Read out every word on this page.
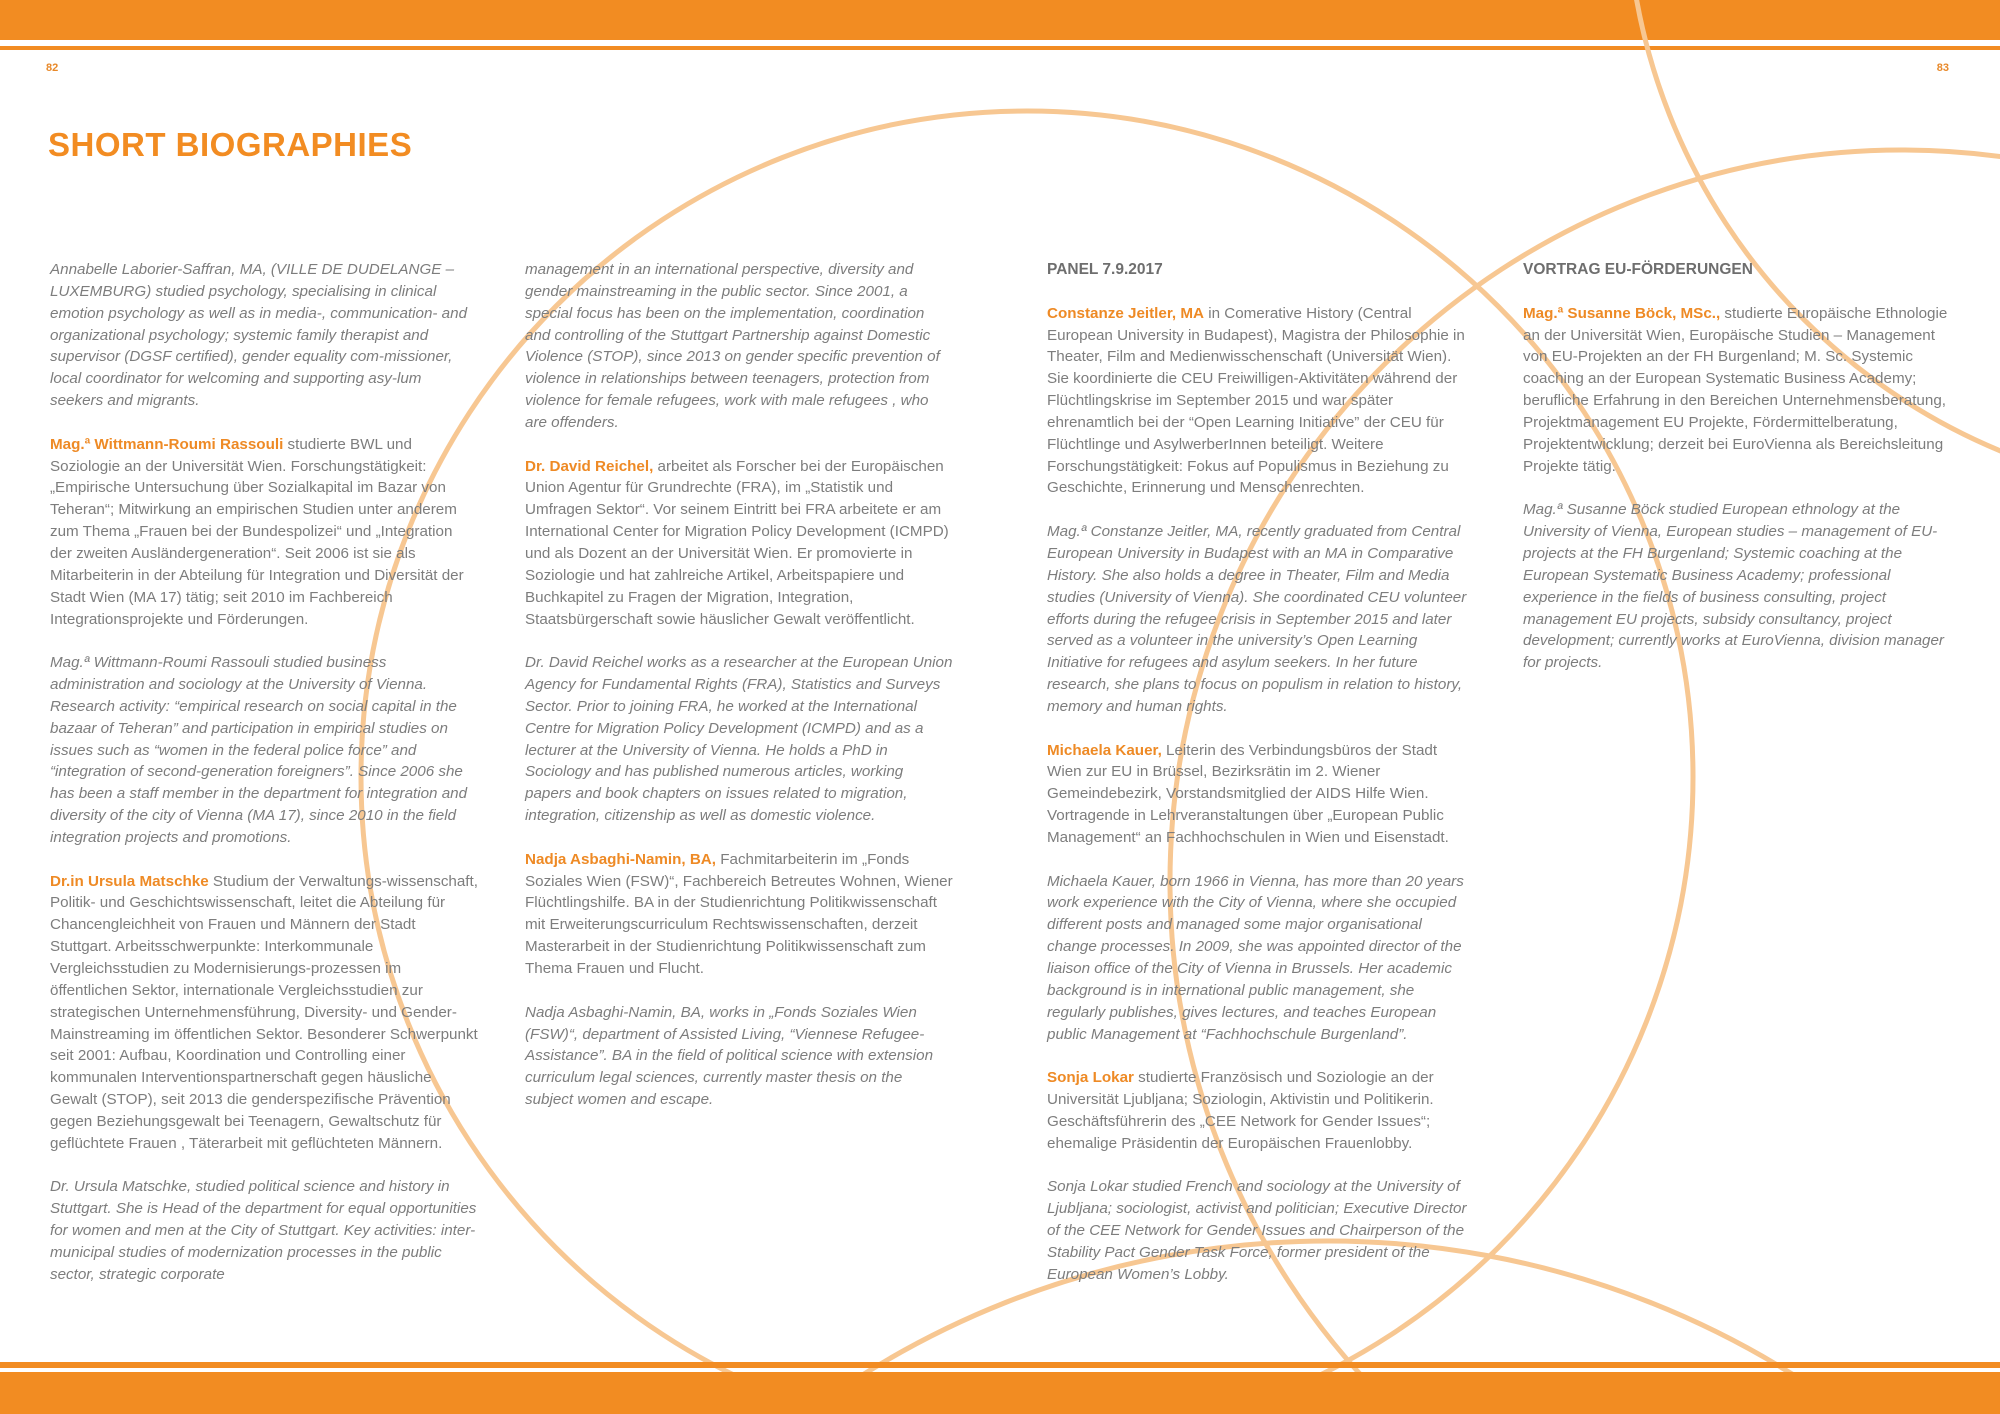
82	83
SHORT BIOGRAPHIES

Annabelle Laborier-Saffran, MA, (VILLE DE DUDELANGE – LUXEMBURG) studied psychology, specialising in clinical emotion psychology as well as in media-, communication- and organizational psychology; systemic family therapist and supervisor (DGSF certified), gender equality com-missioner, local coordinator for welcoming and supporting asy-lum seekers and migrants.

Mag.ª Wittmann-Roumi Rassouli studierte BWL und Soziologie an der Universität Wien. Forschungstätigkeit: „Empirische Untersuchung über Sozialkapital im Bazar von Teheran“; Mitwirkung an empirischen Studien unter anderem zum Thema „Frauen bei der Bundespolizei“ und „Integration der zweiten Ausländergeneration“. Seit 2006 ist sie als Mitarbeiterin in der Abteilung für Integration und Diversität der Stadt Wien (MA 17) tätig; seit 2010 im Fachbereich Integrationsprojekte und Förderungen.

Mag.ª Wittmann-Roumi Rassouli studied business administration and sociology at the University of Vienna. Research activity: “empirical research on social capital in the bazaar of Teheran” and participation in empirical studies on issues such as “women in the federal police force” and “integration of second-generation foreigners”. Since 2006 she has been a staff member in the department for integration and diversity of the city of Vienna (MA 17), since 2010 in the field integration projects and promotions.

Dr.in Ursula Matschke Studium der Verwaltungs-wissenschaft, Politik- und Geschichtswissenschaft, leitet die Abteilung für Chancengleichheit von Frauen und Männern der Stadt Stuttgart. Arbeitsschwerpunkte: Interkommunale Vergleichsstudien zu Modernisierungs-prozessen im öffentlichen Sektor, internationale Vergleichsstudien zur strategischen Unternehmensführung, Diversity- und Gender-Mainstreaming im öffentlichen Sektor. Besonderer Schwerpunkt seit 2001: Aufbau, Koordination und Controlling einer kommunalen Interventionspartnerschaft gegen häusliche Gewalt (STOP), seit 2013 die genderspezifische Prävention gegen Beziehungsgewalt bei Teenagern, Gewaltschutz für geflüchtete Frauen , Täterarbeit mit geflüchteten Männern.

Dr. Ursula Matschke, studied political science and history in Stuttgart. She is Head of the department for equal opportunities for women and men at the City of Stuttgart. Key activities: inter-municipal studies of modernization processes in the public sector, strategic corporate

management in an international perspective, diversity and gender mainstreaming in the public sector. Since 2001, a special focus has been on the implementation, coordination and controlling of the Stuttgart Partnership against Domestic Violence (STOP), since 2013 on gender specific prevention of violence in relationships between teenagers, protection from violence for female refugees, work with male refugees , who are offenders.

Dr. David Reichel, arbeitet als Forscher bei der Europäischen Union Agentur für Grundrechte (FRA), im „Statistik und Umfragen Sektor“. Vor seinem Eintritt bei FRA arbeitete er am International Center for Migration Policy Development (ICMPD) und als Dozent an der Universität Wien. Er promovierte in Soziologie und hat zahlreiche Artikel, Arbeitspapiere und Buchkapitel zu Fragen der Migration, Integration, Staatsbürgerschaft sowie häuslicher Gewalt veröffentlicht.

Dr. David Reichel works as a researcher at the European Union Agency for Fundamental Rights (FRA), Statistics and Surveys Sector. Prior to joining FRA, he worked at the International Centre for Migration Policy Development (ICMPD) and as a lecturer at the University of Vienna. He holds a PhD in Sociology and has published numerous articles, working papers and book chapters on issues related to migration, integration, citizenship as well as domestic violence.

Nadja Asbaghi-Namin, BA, Fachmitarbeiterin im „Fonds Soziales Wien (FSW)“, Fachbereich Betreutes Wohnen, Wiener Flüchtlingshilfe. BA in der Studienrichtung Politikwissenschaft mit Erweiterungscurriculum Rechtswissenschaften, derzeit Masterarbeit in der Studienrichtung Politikwissenschaft zum Thema Frauen und Flucht.

Nadja Asbaghi-Namin, BA, works in „Fonds Soziales Wien (FSW)“, department of Assisted Living, “Viennese Refugee-Assistance”. BA in the field of political science with extension curriculum legal sciences, currently master thesis on the subject women and escape.

PANEL 7.9.2017

Constanze Jeitler, MA in Comerative History (Central European University in Budapest), Magistra der Philosophie in Theater, Film and Medienwisschenschaft (Universität Wien). Sie koordinierte die CEU Freiwilligen-Aktivitäten während der Flüchtlingskrise im September 2015 und war später ehrenamtlich bei der “Open Learning Initiative” der CEU für Flüchtlinge und AsylwerberInnen beteiligt. Weitere Forschungstätigkeit: Fokus auf Populismus in Beziehung zu Geschichte, Erinnerung und Menschenrechten.

Mag.ª Constanze Jeitler, MA, recently graduated from Central European University in Budapest with an MA in Comparative History. She also holds a degree in Theater, Film and Media studies (University of Vienna). She coordinated CEU volunteer efforts during the refugee crisis in September 2015 and later served as a volunteer in the university’s Open Learning Initiative for refugees and asylum seekers. In her future research, she plans to focus on populism in relation to history, memory and human rights.

Michaela Kauer, Leiterin des Verbindungsbüros der Stadt Wien zur EU in Brüssel, Bezirksrätin im 2. Wiener Gemeindebezirk, Vorstandsmitglied der AIDS Hilfe Wien. Vortragende in Lehrveranstaltungen über „European Public Management“ an Fachhochschulen in Wien und Eisenstadt.

Michaela Kauer, born 1966 in Vienna, has more than 20 years work experience with the City of Vienna, where she occupied different posts and managed some major organisational change processes. In 2009, she was appointed director of the liaison office of the City of Vienna in Brussels. Her academic background is in international public management, she regularly publishes, gives lectures, and teaches European public Management at “Fachhochschule Burgenland”.

Sonja Lokar studierte Französisch und Soziologie an der Universität Ljubljana; Soziologin, Aktivistin und Politikerin. Geschäftsführerin des „CEE Network for Gender Issues“; ehemalige Präsidentin der Europäischen Frauenlobby.

Sonja Lokar studied French and sociology at the University of Ljubljana; sociologist, activist and politician; Executive Director of the CEE Network for Gender Issues and Chairperson of the Stability Pact Gender Task Force, former president of the European Women’s Lobby.

VORTRAG EU-FÖRDERUNGEN

Mag.ª Susanne Böck, MSc., studierte Europäische Ethnologie an der Universität Wien, Europäische Studien – Management von EU-Projekten an der FH Burgenland; M. Sc. Systemic coaching an der European Systematic Business Academy; berufliche Erfahrung in den Bereichen Unternehmensberatung, Projektmanagement EU Projekte, Fördermittelberatung, Projektentwicklung; derzeit bei EuroVienna als Bereichsleitung Projekte tätig.

Mag.ª Susanne Böck studied European ethnology at the University of Vienna, European studies – management of EU-projects at the FH Burgenland; Systemic coaching at the European Systematic Business Academy; professional experience in the fields of business consulting, project management EU projects, subsidy consultancy, project development; currently works at EuroVienna, division manager for projects.
